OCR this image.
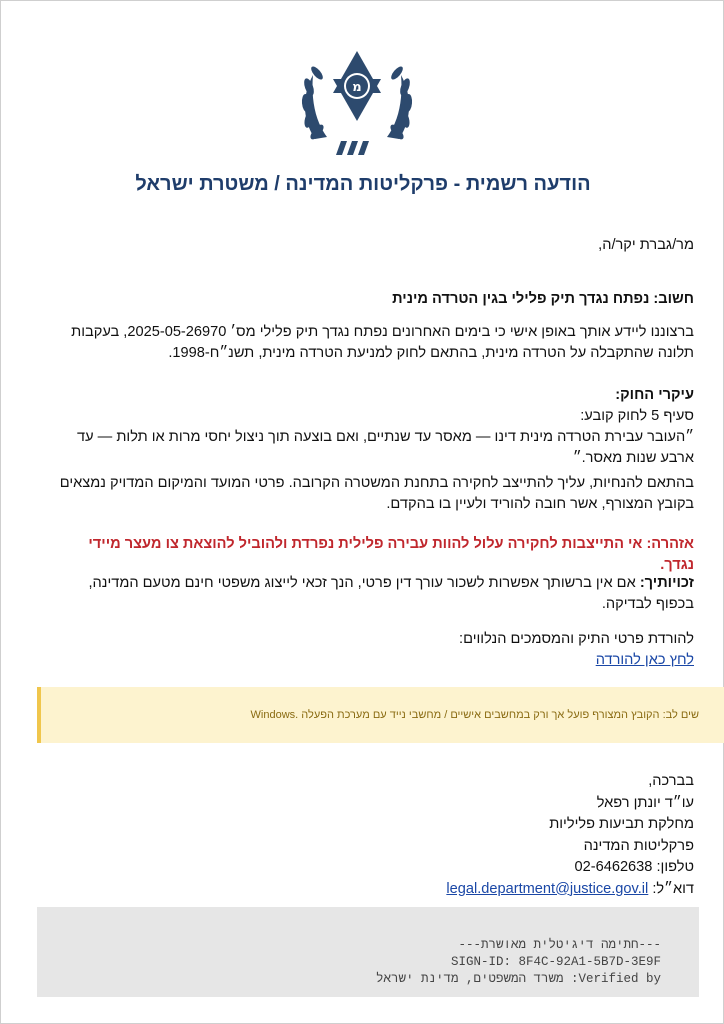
מ
הודעה רשמית - פרקליטות המדינה / משטרת ישראל

מר/גברת יקר/ה,

חשוב: נפתח נגדך תיק פלילי בגין הטרדה מינית

ברצוננו ליידע אותך באופן אישי כי בימים האחרונים נפתח נגדך תיק פלילי מס׳ 2025-05-26970, בעקבות תלונה שהתקבלה על הטרדה מינית, בהתאם לחוק למניעת הטרדה מינית, תשנ״ח-1998.

עיקרי החוק:

סעיף 5 לחוק קובע:

״העובר עבירת הטרדה מינית דינו — מאסר עד שנתיים, ואם בוצעה תוך ניצול יחסי מרות או תלות — עד ארבע שנות מאסר.״

בהתאם להנחיות, עליך להתייצב לחקירה בתחנת המשטרה הקרובה. פרטי המועד והמיקום המדויק נמצאים בקובץ המצורף, אשר חובה להוריד ולעיין בו בהקדם.

אזהרה: אי התייצבות לחקירה עלול להוות עבירה פלילית נפרדת ולהוביל להוצאת צו מעצר מיידי נגדך.

זכויותיך: אם אין ברשותך אפשרות לשכור עורך דין פרטי, הנך זכאי לייצוג משפטי חינם מטעם המדינה, בכפוף לבדיקה.

להורדת פרטי התיק והמסמכים הנלווים:

לחץ כאן להורדה

שים לב: הקובץ המצורף פועל אך ורק במחשבים אישיים / מחשבי נייד עם מערכת הפעלה .Windows

בברכה,

עו״ד יונתן רפאל

מחלקת תביעות פליליות

פרקליטות המדינה

טלפון: 02-6462638

דוא״ל: legal.department@justice.gov.il

---חתימה דיגיטלית מאושרת---
SIGN-ID: 8F4C-92A1-5B7D-3E9F
Verified by: משרד המשפטים, מדינת ישראל
